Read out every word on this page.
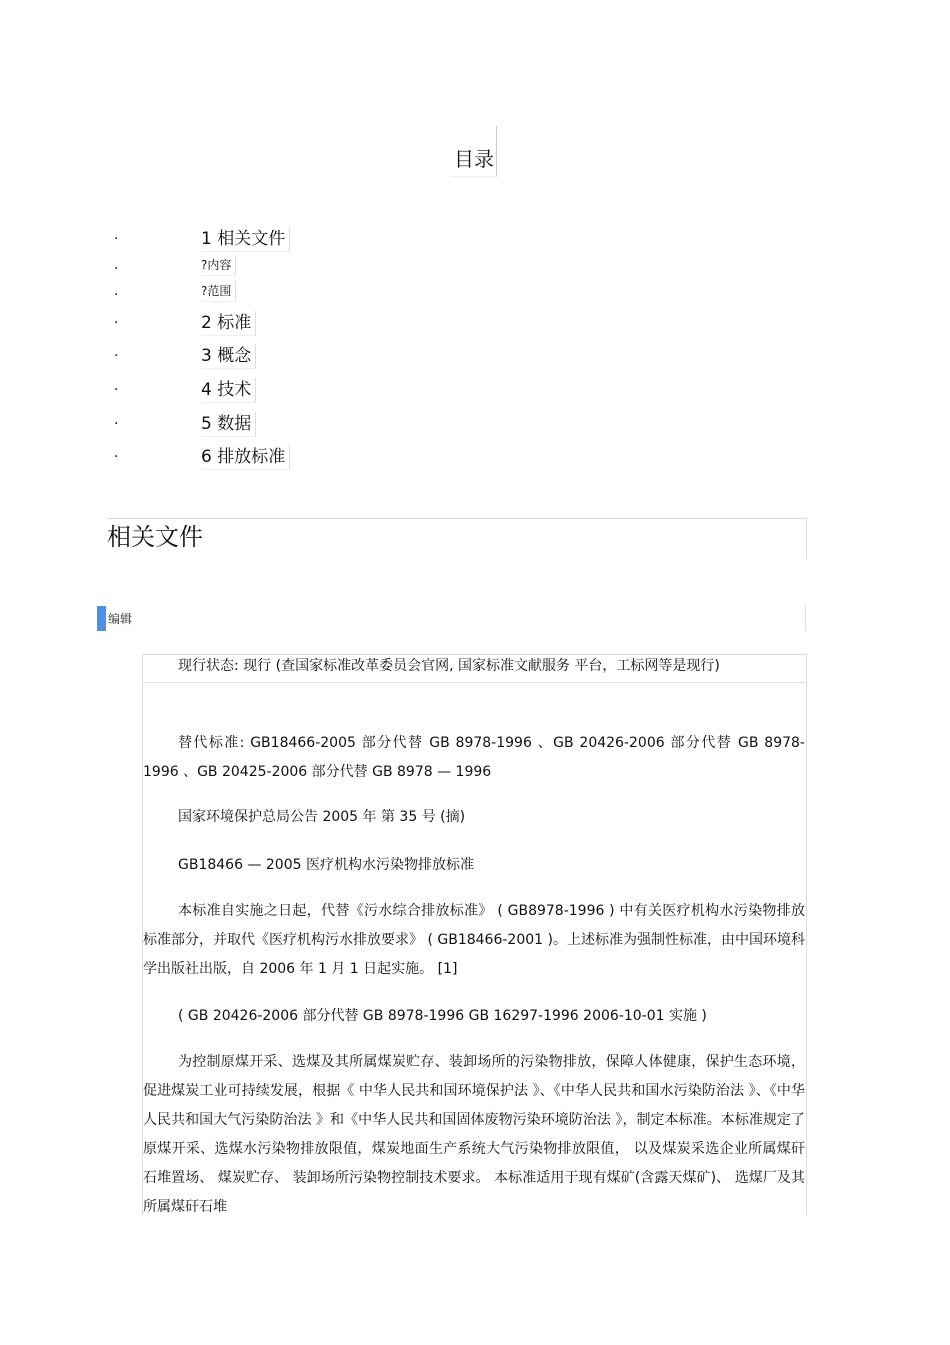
目录
.	1 相关文件
.	?内容
.	?范围
.	2 标准
.	3 概念
.	4 技术
.	5 数据
.	6 排放标准
相关文件
编辑
现行状态: 现行 (查国家标准改革委员会官网, 国家标准文献服务 平台，工标网等是现行)
替代标准: GB18466-2005 部分代替 GB 8978-1996 、GB 20426-2006 部分代替 GB 8978-1996 、GB 20425-2006 部分代替 GB 8978 — 1996
国家环境保护总局公告 2005 年 第 35 号 (摘)
GB18466 — 2005 医疗机构水污染物排放标准
本标准自实施之日起，代替《污水综合排放标准》 ( GB8978-1996 ) 中有关医疗机构水污染物排放标准部分，并取代《医疗机构污水排放要求》 ( GB18466-2001 )。上述标准为强制性标准，由中国环境科学出版社出版，自 2006 年 1 月 1 日起实施。 [1]
( GB 20426-2006 部分代替 GB 8978-1996 GB 16297-1996 2006-10-01 实施 )
为控制原煤开采、选煤及其所属煤炭贮存、装卸场所的污染物排放，保障人体健康，保护生态环境，促进煤炭工业可持续发展，根据《 中华人民共和国环境保护法 》、《中华人民共和国水污染防治法 》、《中华人民共和国大气污染防治法 》和《中华人民共和国固体废物污染环境防治法 》，制定本标准。本标准规定了原煤开采、选煤水污染物排放限值，煤炭地面生产系统大气污染物排放限值， 以及煤炭采选企业所属煤矸石堆置场、 煤炭贮存、 装卸场所污染物控制技术要求。 本标准适用于现有煤矿(含露天煤矿)、 选煤厂及其所属煤矸石堆
